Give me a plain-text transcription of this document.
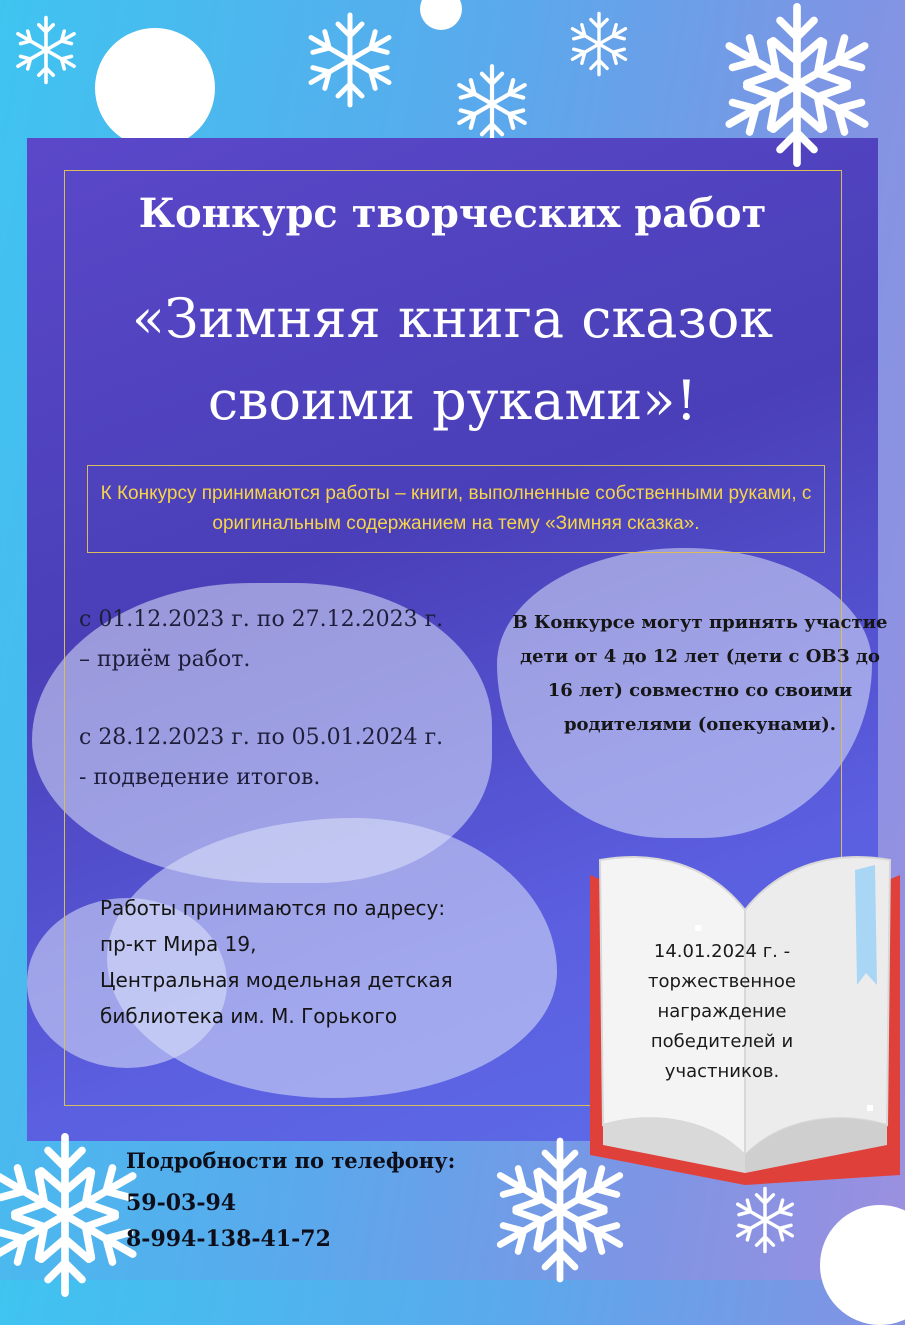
Конкурс творческих работ
«Зимняя книга сказок
своими руками»!
К Конкурсу принимаются работы – книги, выполненные собственными руками, с оригинальным содержанием на тему «Зимняя сказка».

с 01.12.2023 г. по 27.12.2023 г.
– приём работ.

с 28.12.2023 г. по 05.01.2024 г.
- подведение итогов.

В Конкурсе могут принять участие дети от 4 до 12 лет (дети с ОВЗ до 16 лет) совместно со своими родителями (опекунами).
Работы принимаются по адресу:
пр-кт Мира 19,
Центральная модельная детская
библиотека им. М. Горького
14.01.2024 г. - торжественное награждение победителей и участников.
Подробности по телефону:
59-03-94
8-994-138-41-72
